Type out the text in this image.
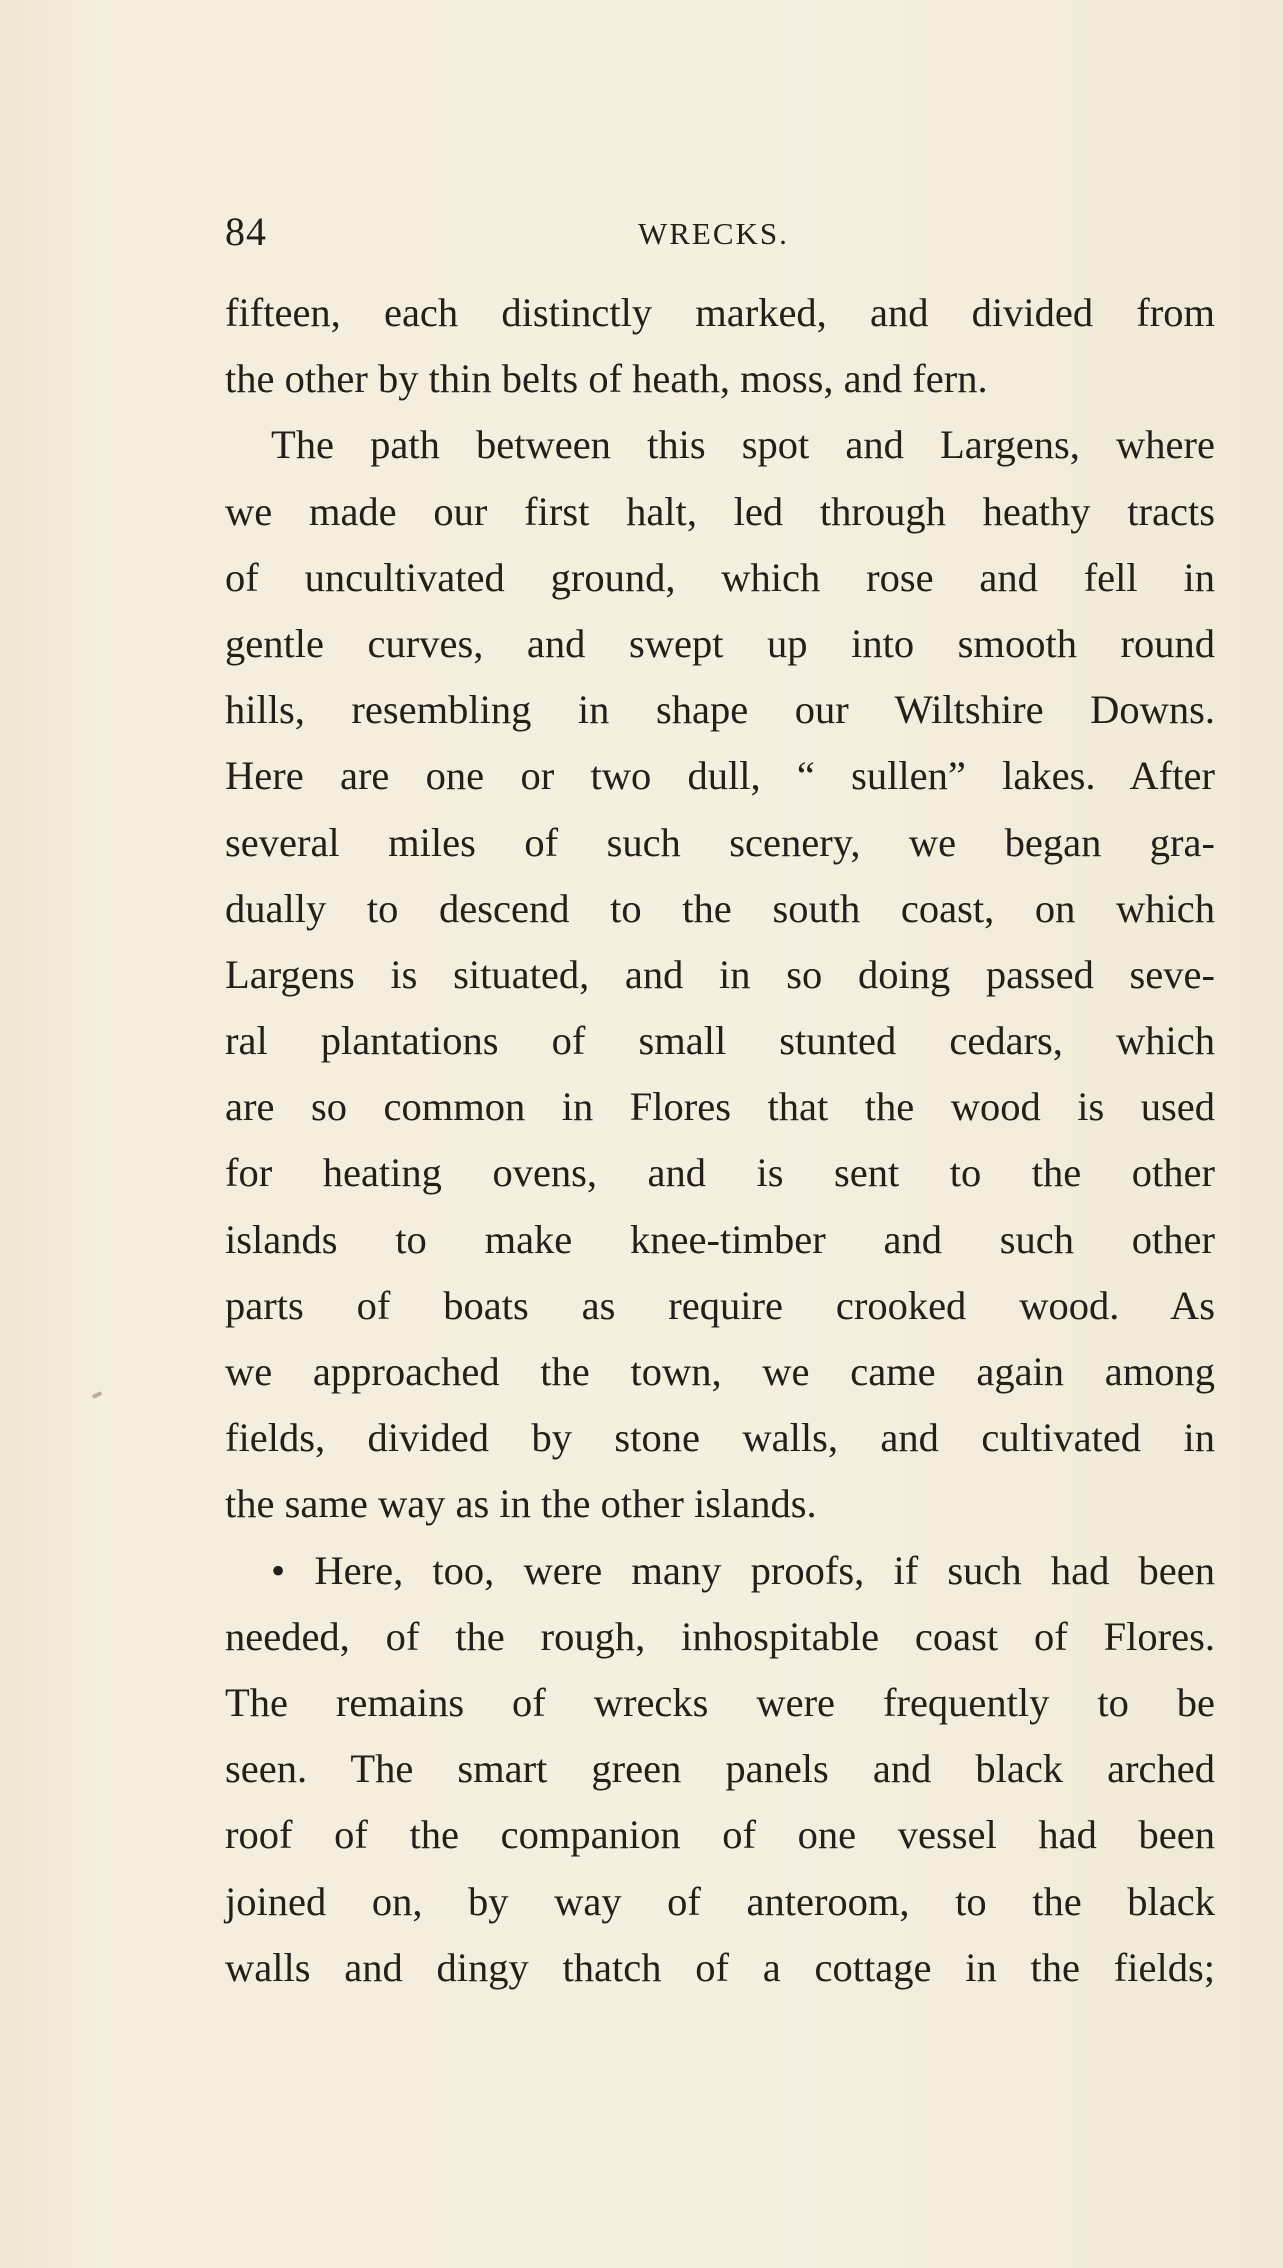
84	WRECKS.
fifteen, each distinctly marked, and divided from
the other by thin belts of heath, moss, and fern.
The path between this spot and Largens, where
we made our first halt, led through heathy tracts
of uncultivated ground, which rose and fell in
gentle curves, and swept up into smooth round
hills, resembling in shape our Wiltshire Downs.
Here are one or two dull, “ sullen” lakes. After
several miles of such scenery, we began gra-
dually to descend to the south coast, on which
Largens is situated, and in so doing passed seve-
ral plantations of small stunted cedars, which
are so common in Flores that the wood is used
for heating ovens, and is sent to the other
islands to make knee-timber and such other
parts of boats as require crooked wood. As
we approached the town, we came again among
fields, divided by stone walls, and cultivated in
the same way as in the other islands.
• Here, too, were many proofs, if such had been
needed, of the rough, inhospitable coast of Flores.
The remains of wrecks were frequently to be
seen. The smart green panels and black arched
roof of the companion of one vessel had been
joined on, by way of anteroom, to the black
walls and dingy thatch of a cottage in the fields;
